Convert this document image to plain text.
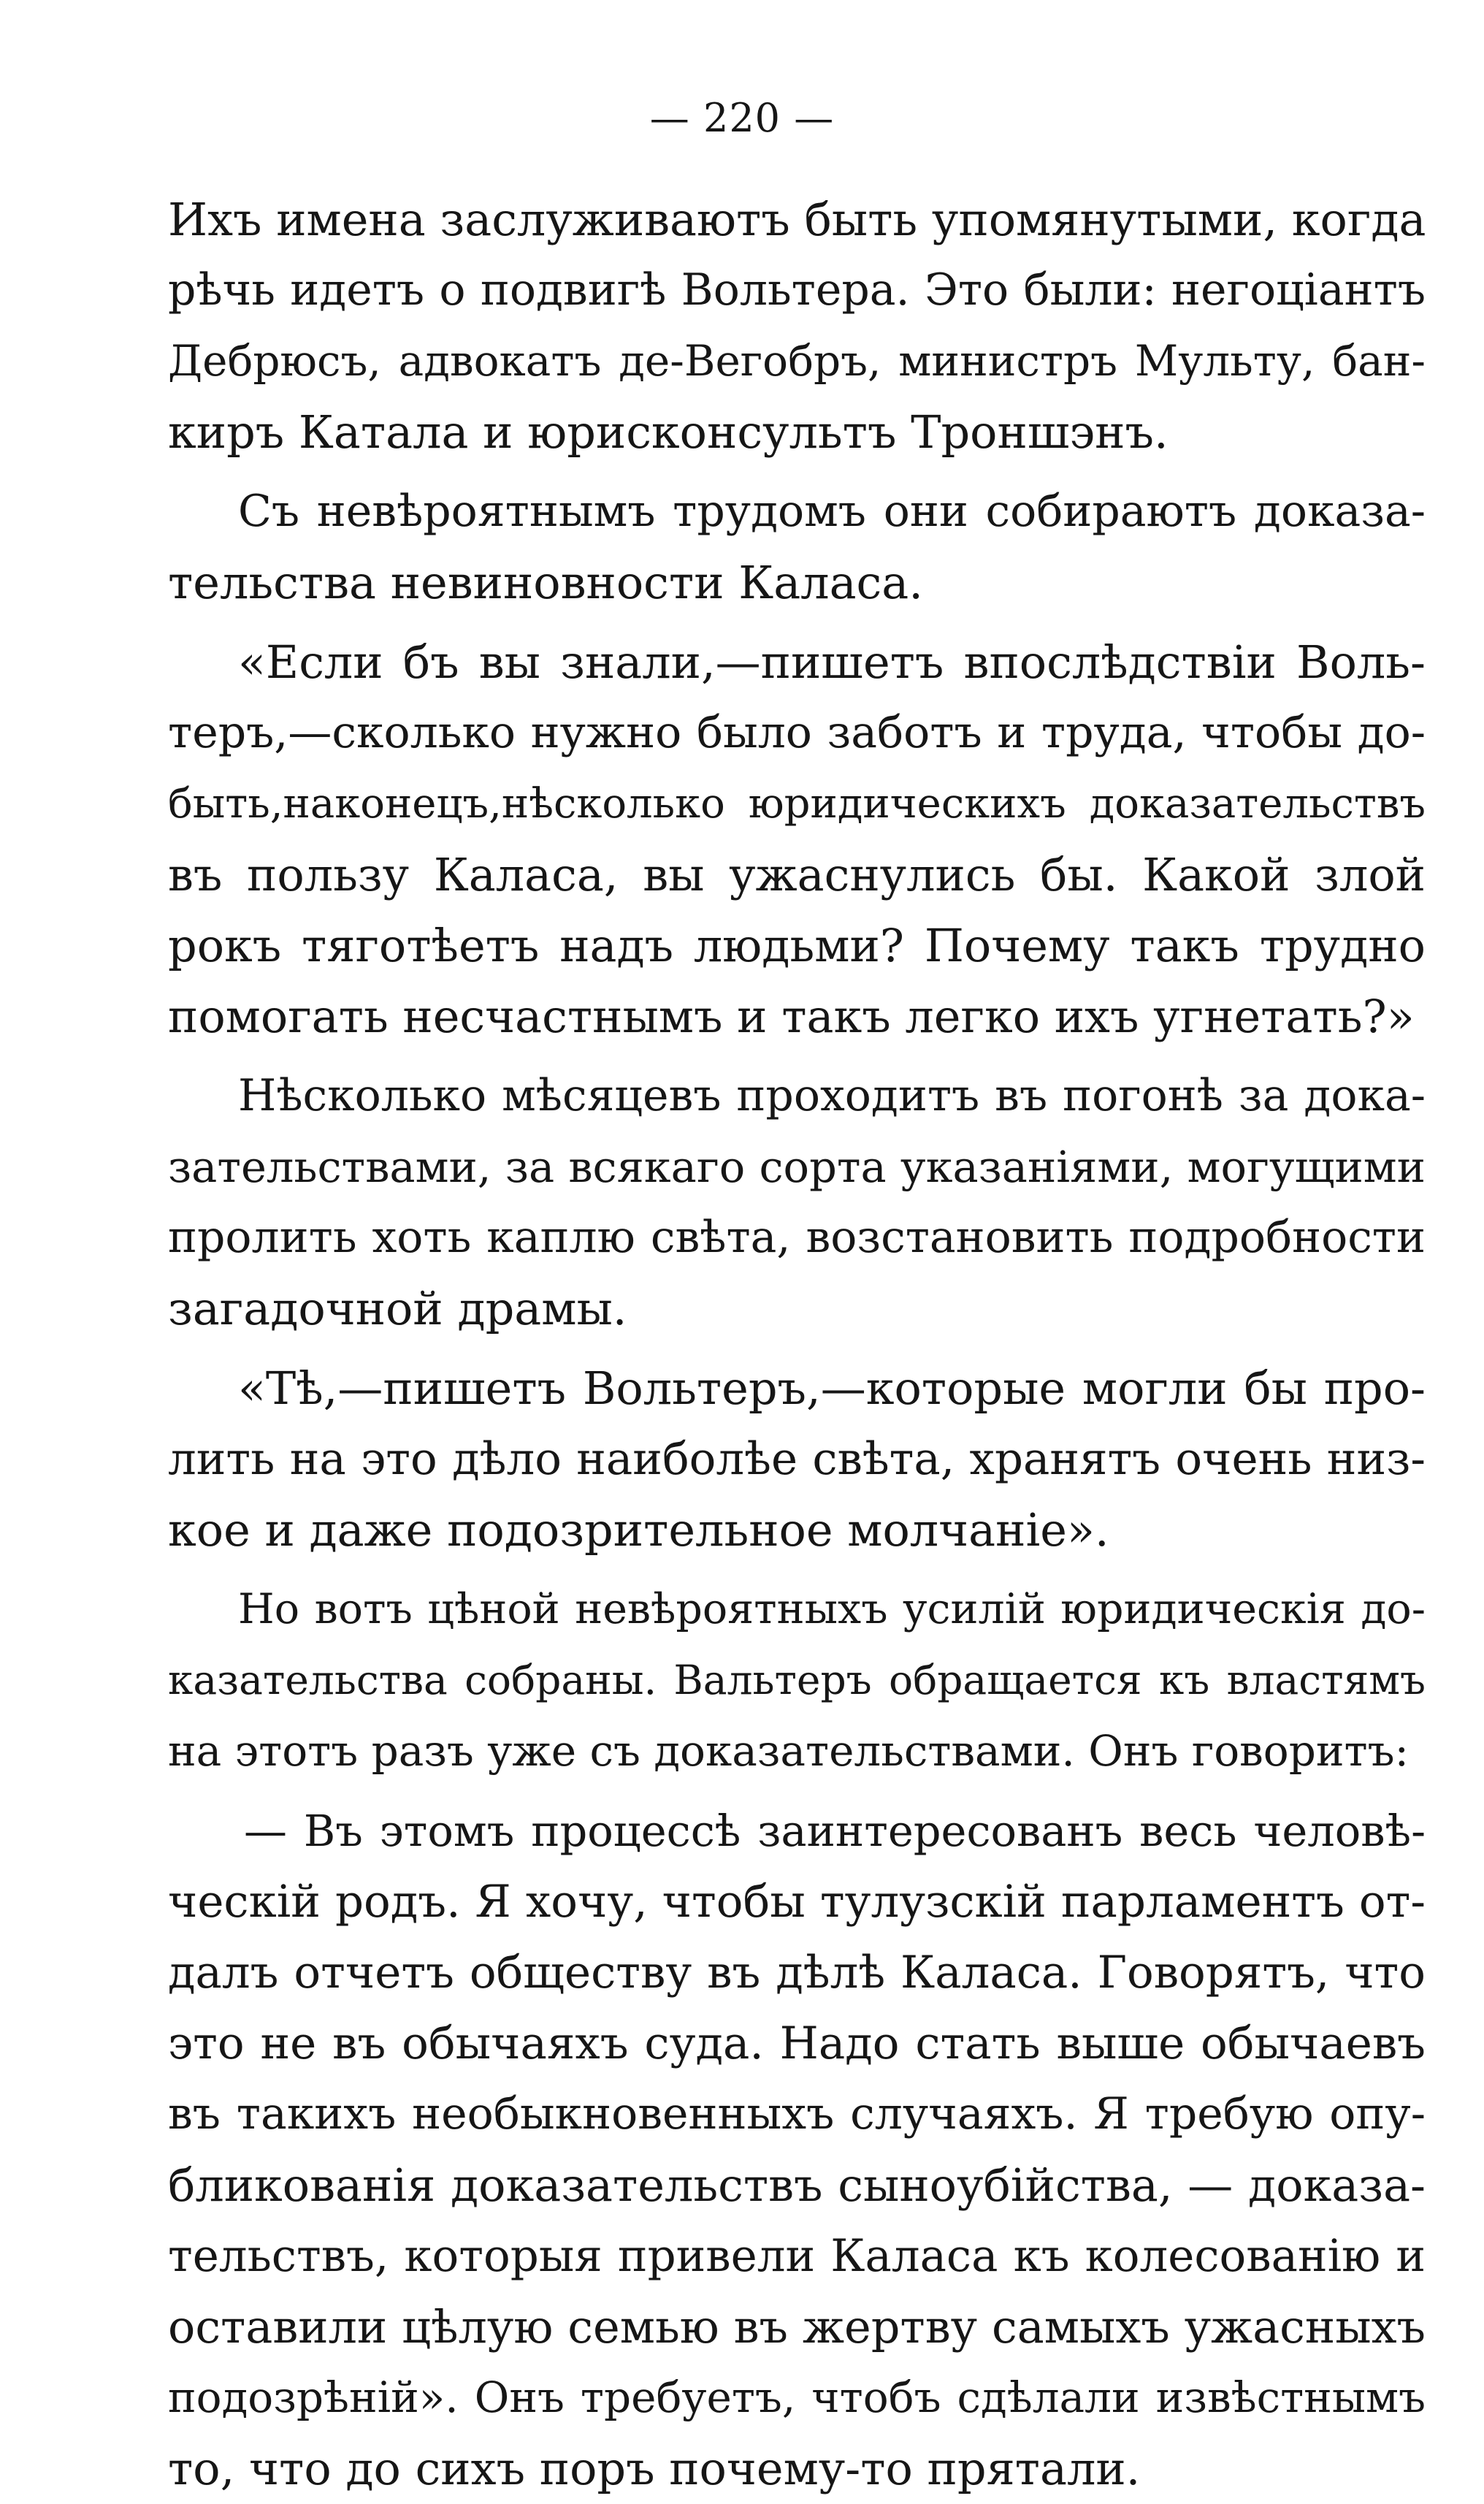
— 220 —
Ихъ имена заслуживаютъ быть упомянутыми, когда
рѣчь идетъ о подвигѣ Вольтера. Это были: негоціантъ
Дебрюсъ, адвокатъ де-Вегобръ, министръ Мульту, бан-
киръ Катала и юрисконсультъ Троншэнъ.
Съ невѣроятнымъ трудомъ они собираютъ доказа-
тельства невиновности Каласа.
«Если бъ вы знали,—пишетъ впослѣдствіи Воль-
теръ,—сколько нужно было заботъ и труда, чтобы до-
быть,наконецъ,нѣсколько юридическихъ доказательствъ
въ пользу Каласа, вы ужаснулись бы. Какой злой
рокъ тяготѣетъ надъ людьми? Почему такъ трудно
помогать несчастнымъ и такъ легко ихъ угнетать?»
Нѣсколько мѣсяцевъ проходитъ въ погонѣ за дока-
зательствами, за всякаго сорта указаніями, могущими
пролить хоть каплю свѣта, возстановить подробности
загадочной драмы.
«Тѣ,—пишетъ Вольтеръ,—которые могли бы про-
лить на это дѣло наиболѣе свѣта, хранятъ очень низ-
кое и даже подозрительное молчаніе».
Но вотъ цѣной невѣроятныхъ усилій юридическія до-
казательства собраны. Вальтеръ обращается къ властямъ
на этотъ разъ уже съ доказательствами. Онъ говоритъ:
— Въ этомъ процессѣ заинтересованъ весь человѣ-
ческій родъ. Я хочу, чтобы тулузскій парламентъ от-
далъ отчетъ обществу въ дѣлѣ Каласа. Говорятъ, что
это не въ обычаяхъ суда. Надо стать выше обычаевъ
въ такихъ необыкновенныхъ случаяхъ. Я требую опу-
бликованія доказательствъ сыноубійства, — доказа-
тельствъ, которыя привели Каласа къ колесованію и
оставили цѣлую семью въ жертву самыхъ ужасныхъ
подозрѣній». Онъ требуетъ, чтобъ сдѣлали извѣстнымъ
то, что до сихъ поръ почему-то прятали.
